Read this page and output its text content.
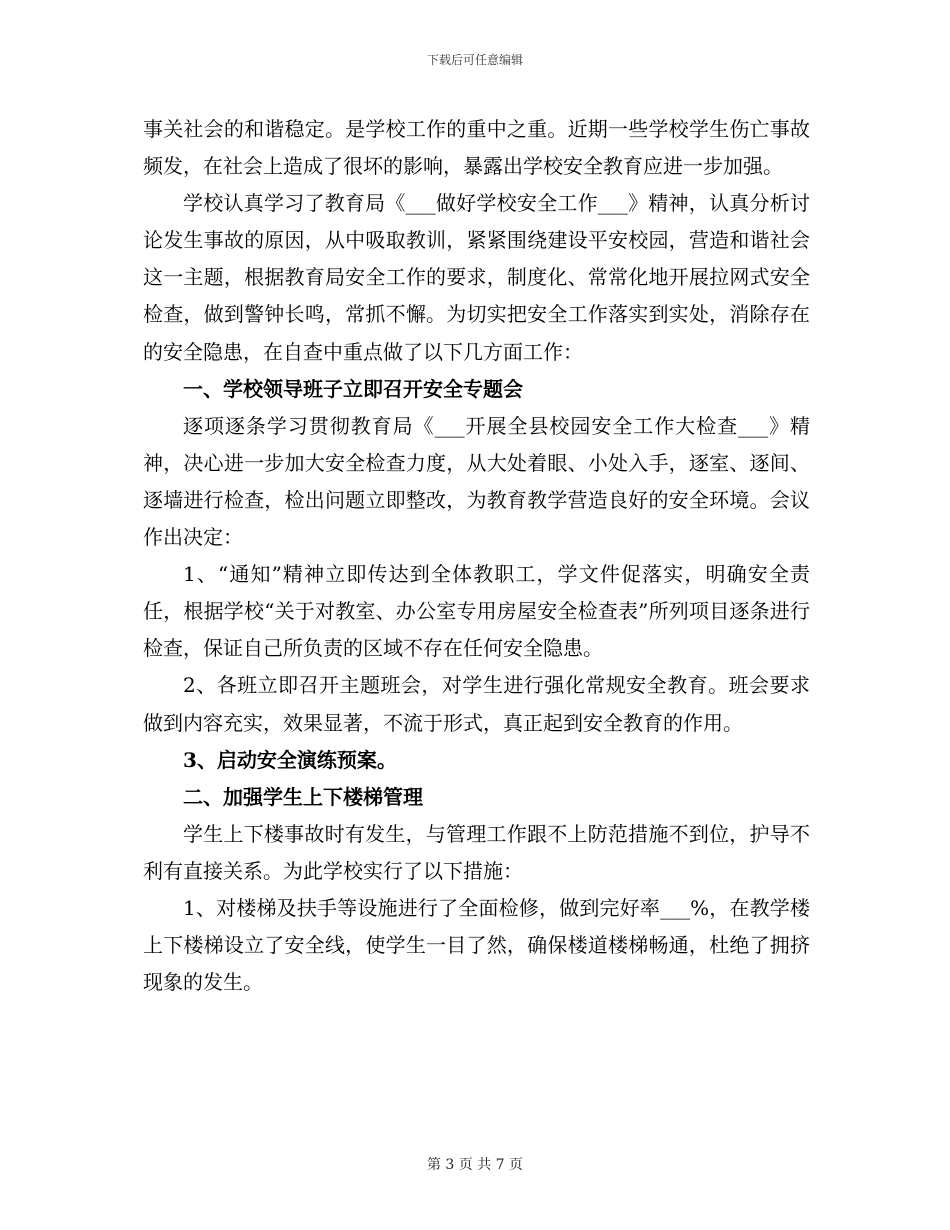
下载后可任意编辑

事关社会的和谐稳定。是学校工作的重中之重。近期一些学校学生伤亡事故频发，在社会上造成了很坏的影响，暴露出学校安全教育应进一步加强。

学校认真学习了教育局《___做好学校安全工作___》精神，认真分析讨论发生事故的原因，从中吸取教训，紧紧围绕建设平安校园，营造和谐社会这一主题，根据教育局安全工作的要求，制度化、常常化地开展拉网式安全检查，做到警钟长鸣，常抓不懈。为切实把安全工作落实到实处，消除存在的安全隐患，在自查中重点做了以下几方面工作：

一、学校领导班子立即召开安全专题会

逐项逐条学习贯彻教育局《___开展全县校园安全工作大检查___》精神，决心进一步加大安全检查力度，从大处着眼、小处入手，逐室、逐间、逐墙进行检查，检出问题立即整改，为教育教学营造良好的安全环境。会议作出决定：

1、“通知”精神立即传达到全体教职工，学文件促落实，明确安全责任，根据学校“关于对教室、办公室专用房屋安全检查表”所列项目逐条进行检查，保证自己所负责的区域不存在任何安全隐患。

2、各班立即召开主题班会，对学生进行强化常规安全教育。班会要求做到内容充实，效果显著，不流于形式，真正起到安全教育的作用。

3、启动安全演练预案。

二、加强学生上下楼梯管理

学生上下楼事故时有发生，与管理工作跟不上防范措施不到位，护导不利有直接关系。为此学校实行了以下措施：

1、对楼梯及扶手等设施进行了全面检修，做到完好率___%，在教学楼上下楼梯设立了安全线，使学生一目了然，确保楼道楼梯畅通，杜绝了拥挤现象的发生。

第 3 页 共 7 页
